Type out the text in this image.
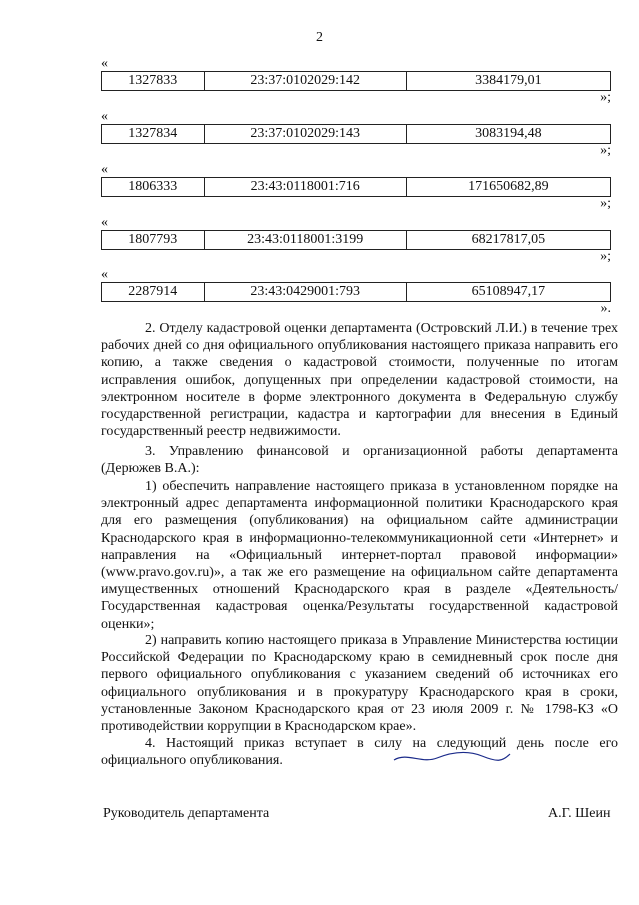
2
«
1327833	23:37:0102029:142	3384179,01
»;
«
1327834	23:37:0102029:143	3083194,48
»;
«
1806333	23:43:0118001:716	171650682,89
»;
«
1807793	23:43:0118001:3199	68217817,05
»;
«
2287914	23:43:0429001:793	65108947,17
».

2. Отделу кадастровой оценки департамента (Островский Л.И.) в течение трех рабочих дней со дня официального опубликования настоящего приказа направить его копию, а также сведения о кадастровой стоимости, полученные по итогам исправления ошибок, допущенных при определении кадастровой стоимости, на электронном носителе в форме электронного документа в Федеральную службу государственной регистрации, кадастра и картографии для внесения в Единый государственный реестр недвижимости.

3. Управлению финансовой и организационной работы департамента (Дерюжев В.А.):

1) обеспечить направление настоящего приказа в установленном порядке на электронный адрес департамента информационной политики Краснодарского края для его размещения (опубликования) на официальном сайте администрации Краснодарского края в информационно-телекоммуникационной сети «Интернет» и направления на «Официальный интернет-портал правовой информации» (www.pravo.gov.ru)», а так же его размещение на официальном сайте департамента имущественных отношений Краснодарского края в разделе «Деятельность/Государственная кадастровая оценка/Результаты государственной кадастровой оценки»;

2) направить копию настоящего приказа в Управление Министерства юстиции Российской Федерации по Краснодарскому краю в семидневный срок после дня первого официального опубликования с указанием сведений об источниках его официального опубликования и в прокуратуру Краснодарского края в сроки, установленные Законом Краснодарского края от 23 июля 2009 г. № 1798-КЗ «О противодействии коррупции в Краснодарском крае».

4. Настоящий приказ вступает в силу на следующий день после его официального опубликования.

Руководитель департамента	А.Г. Шеин
